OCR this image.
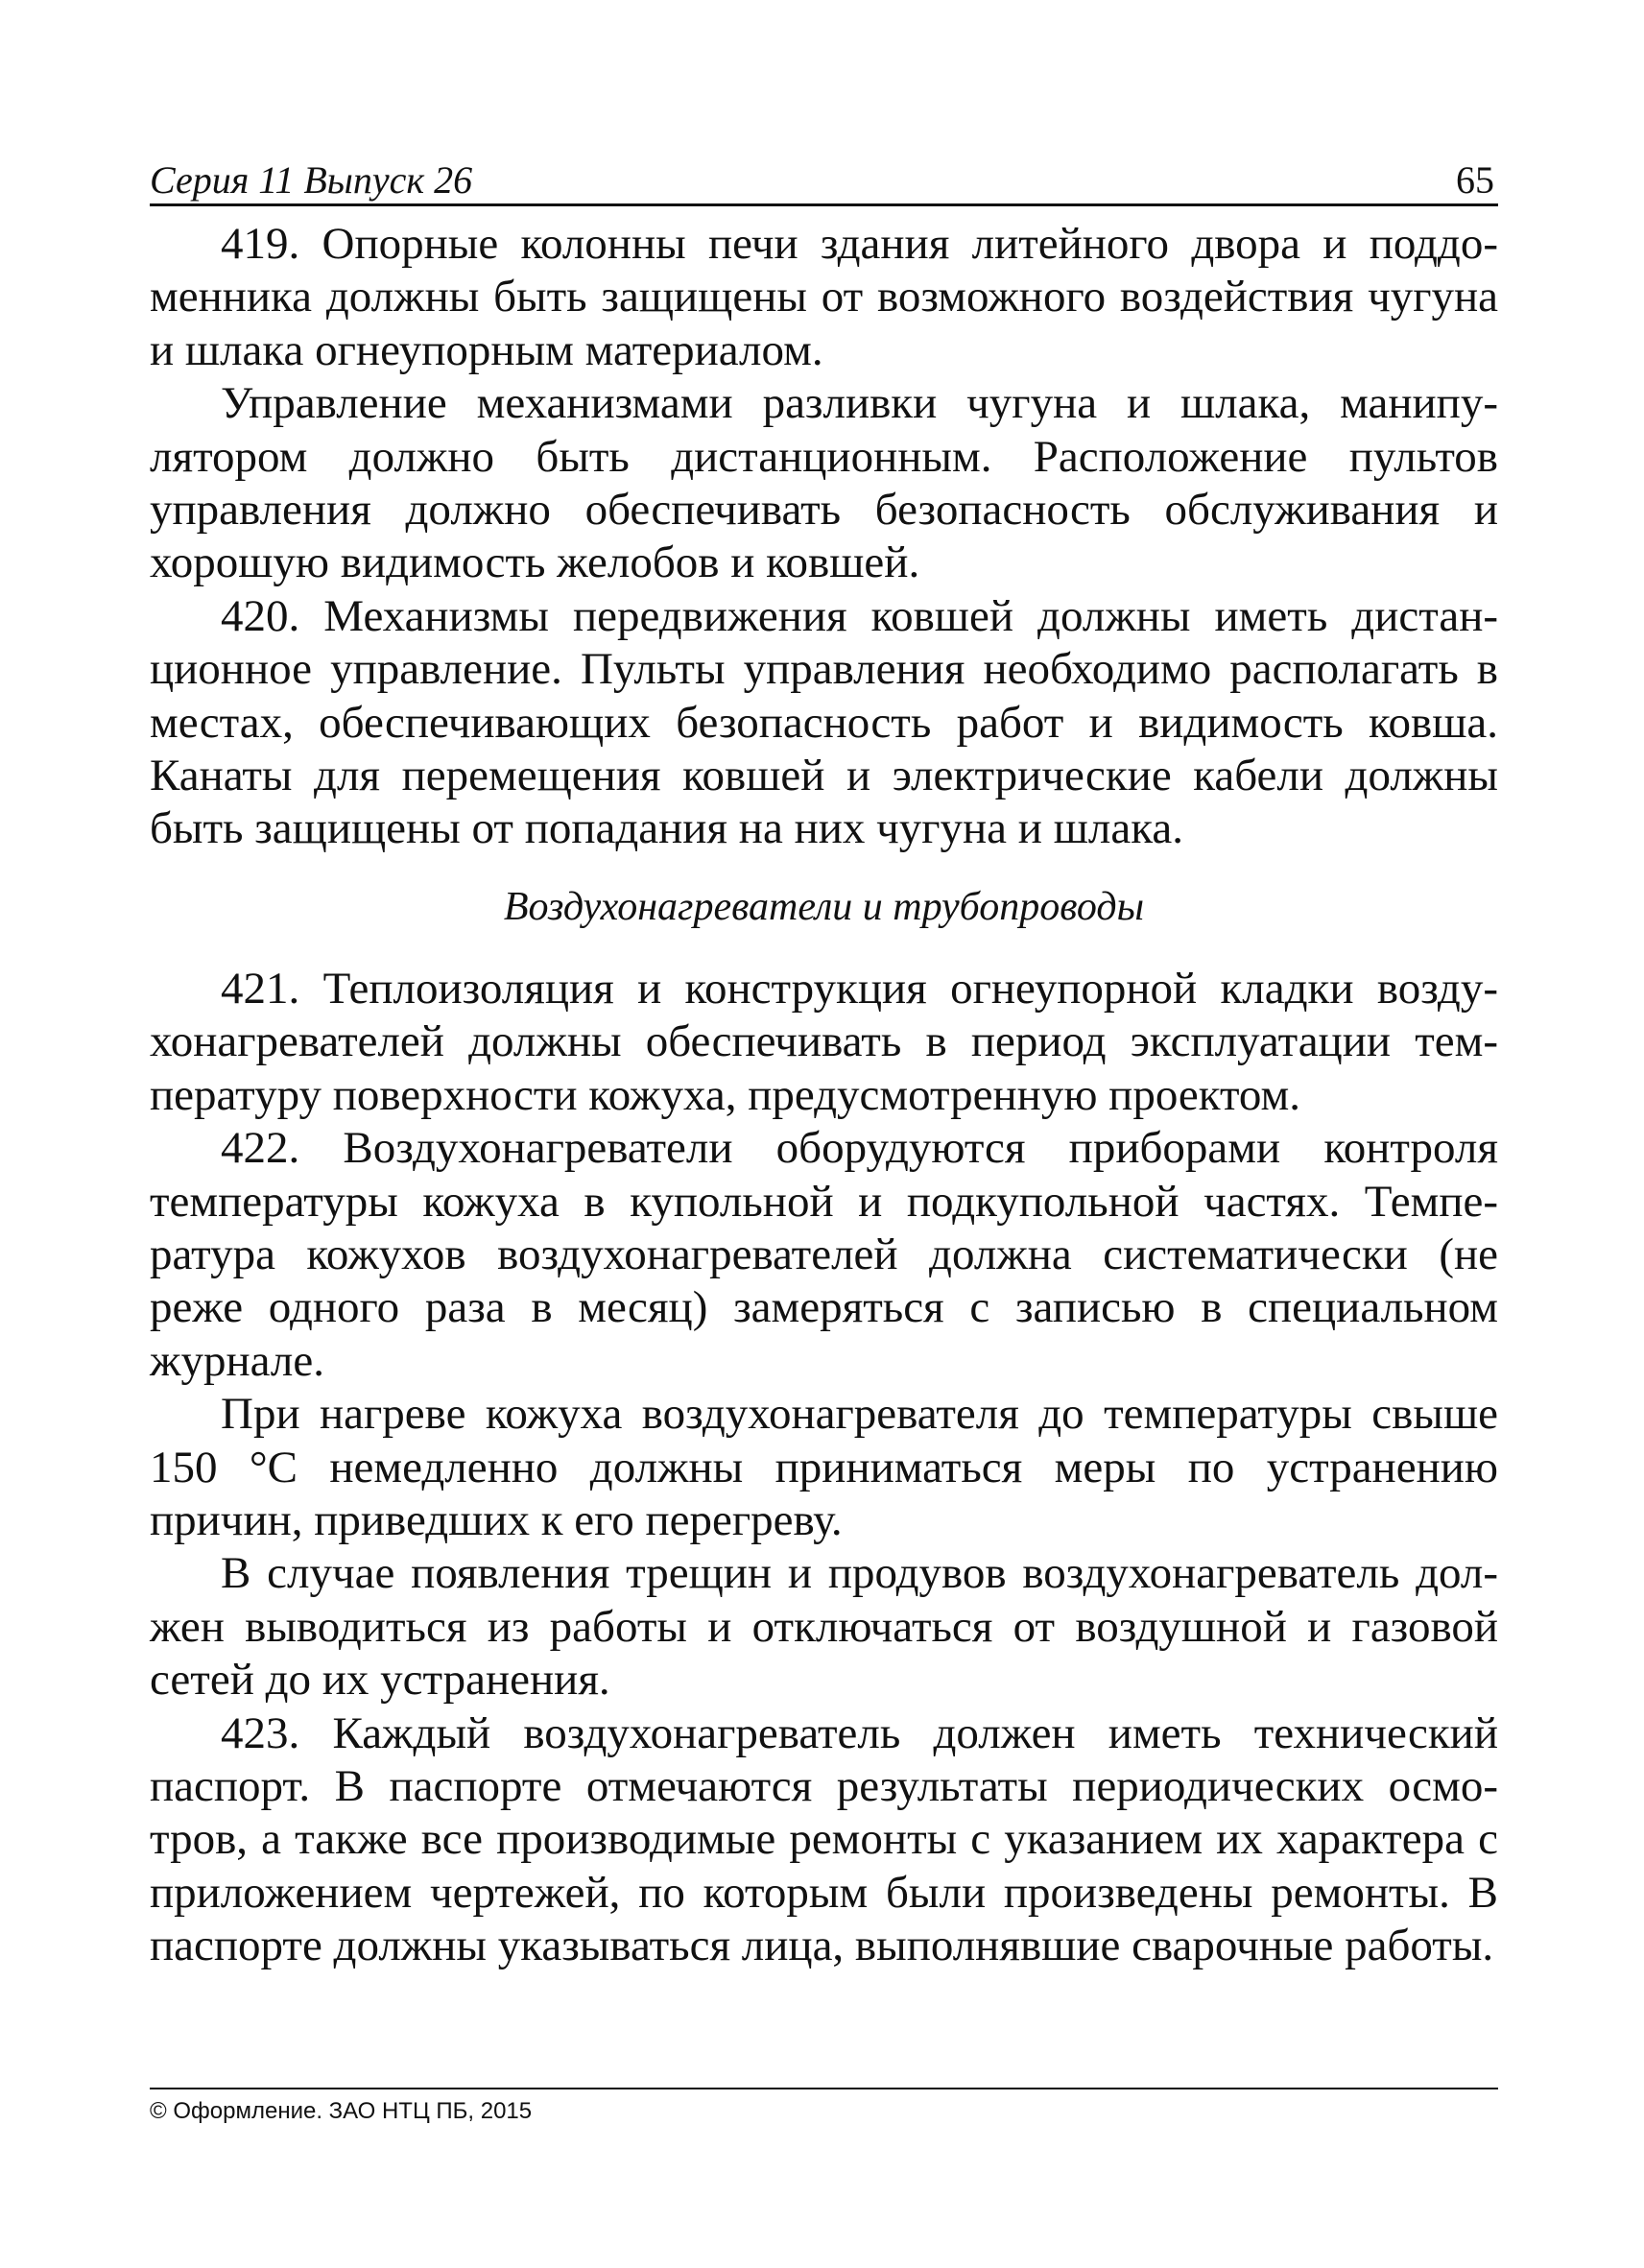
Серия 11 Выпуск 26	65

419. Опорные колонны печи здания литейного двора и поддоменника должны быть защищены от возможного воздействия чугуна и шлака огнеупорным материалом.

Управление механизмами разливки чугуна и шлака, манипулятором должно быть дистанционным. Расположение пультов управления должно обеспечивать безопасность обслуживания и хорошую видимость желобов и ковшей.

420. Механизмы передвижения ковшей должны иметь дистанционное управление. Пульты управления необходимо располагать в местах, обеспечивающих безопасность работ и видимость ковша. Канаты для перемещения ковшей и электрические кабели должны быть защищены от попадания на них чугуна и шлака.

Воздухонагреватели и трубопроводы

421. Теплоизоляция и конструкция огнеупорной кладки воздухонагревателей должны обеспечивать в период эксплуатации температуру поверхности кожуха, предусмотренную проектом.

422. Воздухонагреватели оборудуются приборами контроля температуры кожуха в купольной и подкупольной частях. Температура кожухов воздухонагревателей должна систематически (не реже одного раза в месяц) замеряться с записью в специальном журнале.

При нагреве кожуха воздухонагревателя до температуры свыше 150 °С немедленно должны приниматься меры по устранению причин, приведших к его перегреву.

В случае появления трещин и продувов воздухонагреватель должен выводиться из работы и отключаться от воздушной и газовой сетей до их устранения.

423. Каждый воздухонагреватель должен иметь технический паспорт. В паспорте отмечаются результаты периодических осмотров, а также все производимые ремонты с указанием их характера с приложением чертежей, по которым были произведены ремонты. В паспорте должны указываться лица, выполнявшие сварочные работы.

© Оформление. ЗАО НТЦ ПБ, 2015
